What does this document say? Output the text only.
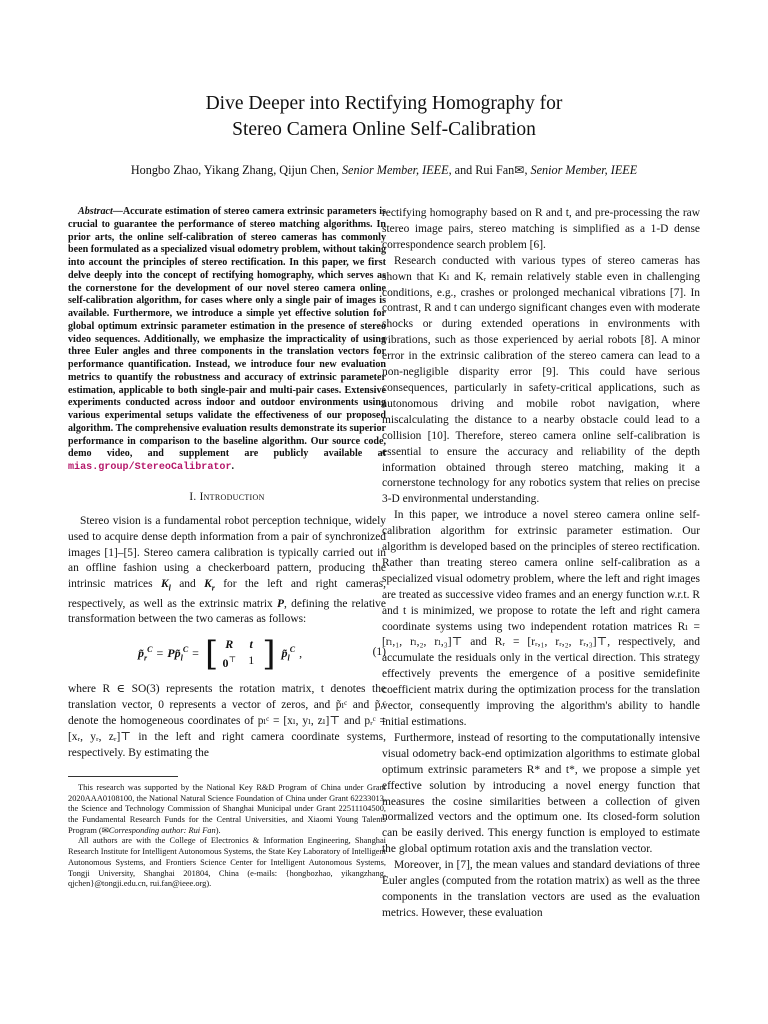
Dive Deeper into Rectifying Homography for
Stereo Camera Online Self-Calibration
Hongbo Zhao, Yikang Zhang, Qijun Chen, Senior Member, IEEE, and Rui Fan✉, Senior Member, IEEE

Abstract—Accurate estimation of stereo camera extrinsic parameters is crucial to guarantee the performance of stereo matching algorithms. In prior arts, the online self-calibration of stereo cameras has commonly been formulated as a specialized visual odometry problem, without taking into account the principles of stereo rectification. In this paper, we first delve deeply into the concept of rectifying homography, which serves as the cornerstone for the development of our novel stereo camera online self-calibration algorithm, for cases where only a single pair of images is available. Furthermore, we introduce a simple yet effective solution for global optimum extrinsic parameter estimation in the presence of stereo video sequences. Additionally, we emphasize the impracticality of using three Euler angles and three components in the translation vectors for performance quantification. Instead, we introduce four new evaluation metrics to quantify the robustness and accuracy of extrinsic parameter estimation, applicable to both single-pair and multi-pair cases. Extensive experiments conducted across indoor and outdoor environments using various experimental setups validate the effectiveness of our proposed algorithm. The comprehensive evaluation results demonstrate its superior performance in comparison to the baseline algorithm. Our source code, demo video, and supplement are publicly available at mias.group/StereoCalibrator.

I. Introduction

Stereo vision is a fundamental robot perception technique, widely used to acquire dense depth information from a pair of synchronized images [1]–[5]. Stereo camera calibration is typically carried out in an offline fashion using a checkerboard pattern, producing the intrinsic matrices $K_l$ and $K_r$ for the left and right cameras, respectively, as well as the extrinsic matrix P, defining the relative transformation between the two cameras as follows:

$p̃_r^C$ = $Pp̃_l^C$ = [ R	t
0⊤	1 ] $p̃_l^C$ ,	(1)

where R ∈ SO(3) represents the rotation matrix, t denotes the translation vector, 0 represents a vector of zeros, and p̃ₗᶜ and p̃ᵣᶜ denote the homogeneous coordinates of pₗᶜ = [xₗ, yₗ, zₗ]⊤ and pᵣᶜ = [xᵣ, yᵣ, zᵣ]⊤ in the left and right camera coordinate systems, respectively. By estimating the

This research was supported by the National Key R&D Program of China under Grant 2020AAA0108100, the National Natural Science Foundation of China under Grant 62233013, the Science and Technology Commission of Shanghai Municipal under Grant 22511104500, the Fundamental Research Funds for the Central Universities, and Xiaomi Young Talents Program (✉Corresponding author: Rui Fan).

All authors are with the College of Electronics & Information Engineering, Shanghai Research Institute for Intelligent Autonomous Systems, the State Key Laboratory of Intelligent Autonomous Systems, and Frontiers Science Center for Intelligent Autonomous Systems, Tongji University, Shanghai 201804, China (e-mails: {hongbozhao, yikangzhang, qjchen}@tongji.edu.cn, rui.fan@ieee.org).

rectifying homography based on R and t, and pre-processing the raw stereo image pairs, stereo matching is simplified as a 1-D dense correspondence search problem [6].

Research conducted with various types of stereo cameras has shown that Kₗ and Kᵣ remain relatively stable even in challenging conditions, e.g., crashes or prolonged mechanical vibrations [7]. In contrast, R and t can undergo significant changes even with moderate shocks or during extended operations in environments with vibrations, such as those experienced by aerial robots [8]. A minor error in the extrinsic calibration of the stereo camera can lead to a non-negligible disparity error [9]. This could have serious consequences, particularly in safety-critical applications, such as autonomous driving and mobile robot navigation, where miscalculating the distance to a nearby obstacle could lead to a collision [10]. Therefore, stereo camera online self-calibration is essential to ensure the accuracy and reliability of the depth information obtained through stereo matching, making it a cornerstone technology for any robotics system that relies on precise 3-D environmental understanding.

In this paper, we introduce a novel stereo camera online self-calibration algorithm for extrinsic parameter estimation. Our algorithm is developed based on the principles of stereo rectification. Rather than treating stereo camera online self-calibration as a specialized visual odometry problem, where the left and right images are treated as successive video frames and an energy function w.r.t. R and t is minimized, we propose to rotate the left and right camera coordinate systems using two independent rotation matrices Rₗ = [rₗ,₁, rₗ,₂, rₗ,₃]⊤ and Rᵣ = [rᵣ,₁, rᵣ,₂, rᵣ,₃]⊤, respectively, and accumulate the residuals only in the vertical direction. This strategy effectively prevents the emergence of a positive semidefinite coefficient matrix during the optimization process for the translation vector, consequently improving the algorithm's ability to handle initial estimations.

Furthermore, instead of resorting to the computationally intensive visual odometry back-end optimization algorithms to estimate global optimum extrinsic parameters R* and t*, we propose a simple yet effective solution by introducing a novel energy function that measures the cosine similarities between a collection of given normalized vectors and the optimum one. Its closed-form solution can be easily derived. This energy function is employed to estimate the global optimum rotation axis and the translation vector.

Moreover, in [7], the mean values and standard deviations of three Euler angles (computed from the rotation matrix) as well as the three components in the translation vectors are used as the evaluation metrics. However, these evaluation
